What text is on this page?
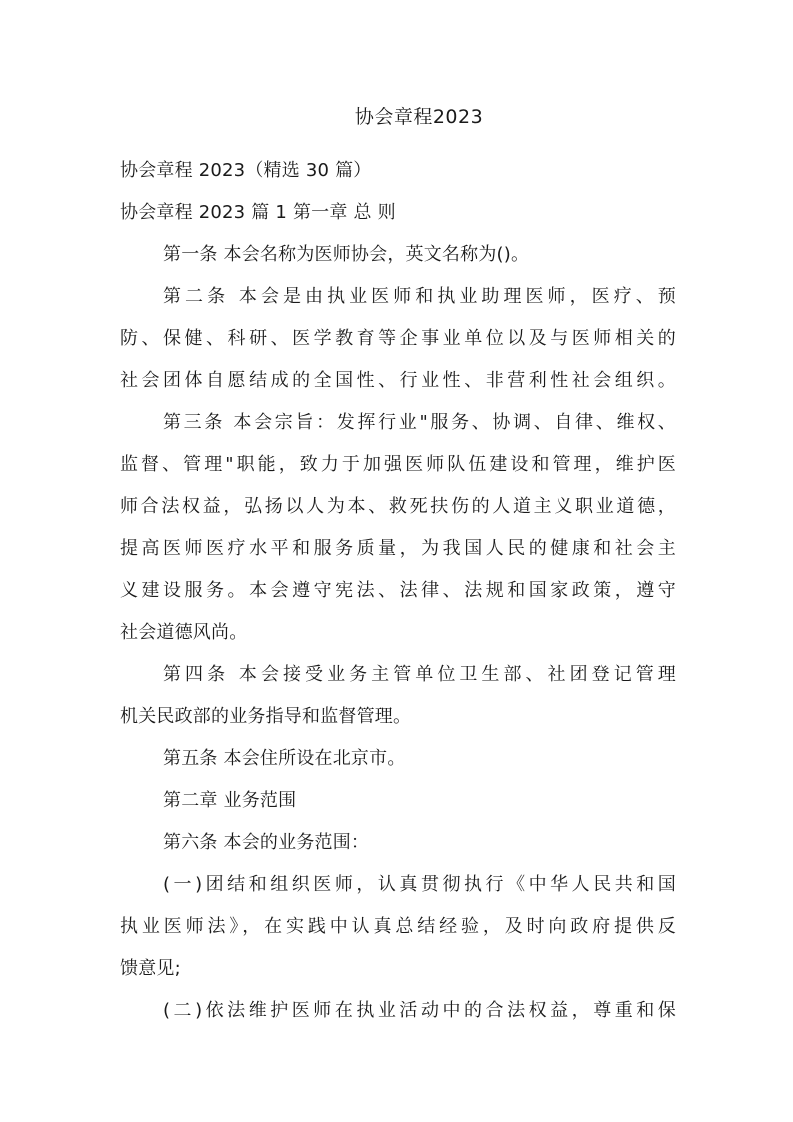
协会章程2023
协会章程 2023（精选 30 篇）
协会章程 2023 篇 1 第一章 总 则
第一条 本会名称为医师协会，英文名称为()。
第二条 本会是由执业医师和执业助理医师，医疗、预
防、保健、科研、医学教育等企事业单位以及与医师相关的
社会团体自愿结成的全国性、行业性、非营利性社会组织。
第三条 本会宗旨：发挥行业"服务、协调、自律、维权、
监督、管理"职能，致力于加强医师队伍建设和管理，维护医
师合法权益，弘扬以人为本、救死扶伤的人道主义职业道德，
提高医师医疗水平和服务质量，为我国人民的健康和社会主
义建设服务。本会遵守宪法、法律、法规和国家政策，遵守
社会道德风尚。
第四条 本会接受业务主管单位卫生部、社团登记管理
机关民政部的业务指导和监督管理。
第五条 本会住所设在北京市。
第二章 业务范围
第六条 本会的业务范围：
(一)团结和组织医师，认真贯彻执行《中华人民共和国
执业医师法》，在实践中认真总结经验，及时向政府提供反
馈意见;
(二)依法维护医师在执业活动中的合法权益，尊重和保
